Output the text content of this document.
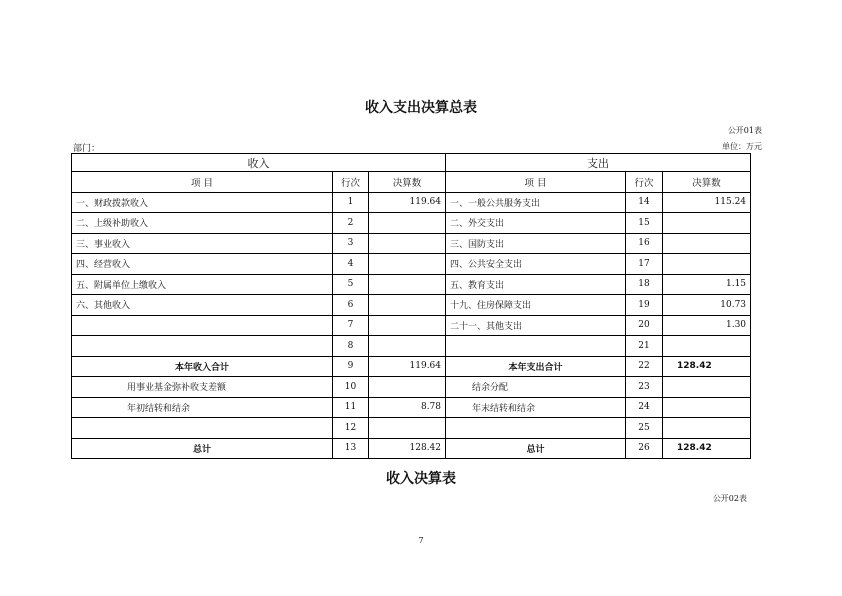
收入支出决算总表
公开01表
部门：	单位：万元
收入			支出		
项 目	行次	决算数	项 目	行次	决算数
一、财政拨款收入	1	119.64	一、一般公共服务支出	14	115.24
二、上级补助收入	2		二、外交支出	15	
三、事业收入	3		三、国防支出	16	
四、经营收入	4		四、公共安全支出	17	
五、附属单位上缴收入	5		五、教育支出	18	1.15
六、其他收入	6		十九、住房保障支出	19	10.73
	7		二十一、其他支出	20	1.30
	8			21	
本年收入合计	9	119.64	本年支出合计	22	128.42
用事业基金弥补收支差额	10		结余分配	23	
年初结转和结余	11	8.78	年末结转和结余	24	
	12			25	
总计	13	128.42	总计	26	128.42
收入决算表
公开02表
7
